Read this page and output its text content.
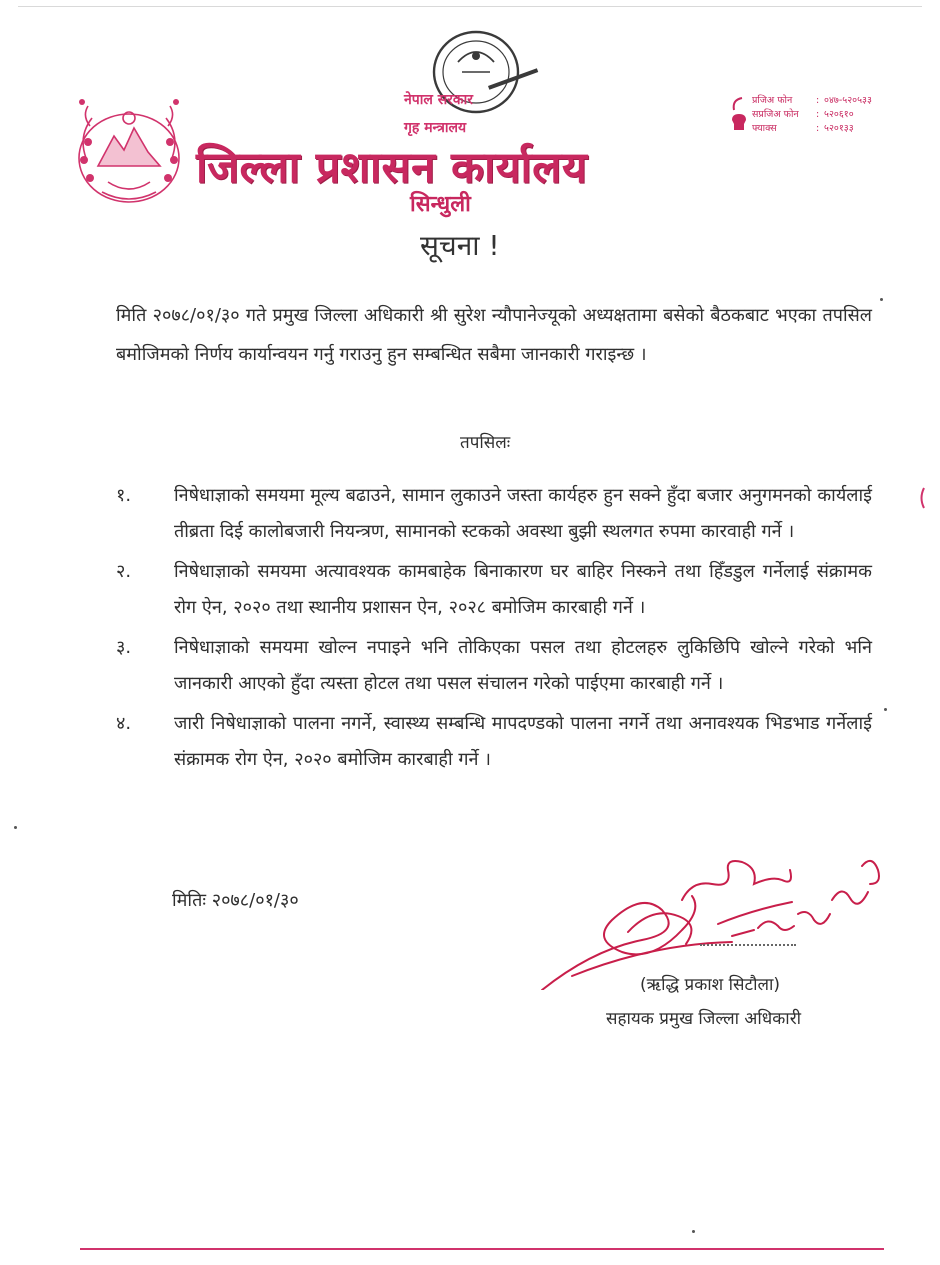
नेपाल सरकार
गृह मन्त्रालय
जिल्ला प्रशासन कार्यालय
सिन्धुली
प्रजिअ फोन	: ०४७-५२०५३३
सप्रजिअ फोन	: ५२०६१०
फ्याक्स	: ५२०१३३
सूचना !
मिति २०७८/०१/३० गते प्रमुख जिल्ला अधिकारी श्री सुरेश न्यौपानेज्यूको अध्यक्षतामा बसेको बैठकबाट भएका तपसिल बमोजिमको निर्णय कार्यान्वयन गर्नु गराउनु हुन सम्बन्धित सबैमा जानकारी गराइन्छ ।
तपसिलः
१.	निषेधाज्ञाको समयमा मूल्य बढाउने, सामान लुकाउने जस्ता कार्यहरु हुन सक्ने हुँदा बजार अनुगमनको कार्यलाई तीब्रता दिई कालोबजारी नियन्त्रण, सामानको स्टकको अवस्था बुझी स्थलगत रुपमा कारवाही गर्ने ।
२.	निषेधाज्ञाको समयमा अत्यावश्यक कामबाहेक बिनाकारण घर बाहिर निस्कने तथा हिँडडुल गर्नेलाई संक्रामक रोग ऐन, २०२० तथा स्थानीय प्रशासन ऐन, २०२८ बमोजिम कारबाही गर्ने ।
३.	निषेधाज्ञाको समयमा खोल्न नपाइने भनि तोकिएका पसल तथा होटलहरु लुकिछिपि खोल्ने गरेको भनि जानकारी आएको हुँदा त्यस्ता होटल तथा पसल संचालन गरेको पाईएमा कारबाही गर्ने ।
४.	जारी निषेधाज्ञाको पालना नगर्ने, स्वास्थ्य सम्बन्धि मापदण्डको पालना नगर्ने तथा अनावश्यक भिडभाड गर्नेलाई संक्रामक रोग ऐन, २०२० बमोजिम कारबाही गर्ने ।
मितिः २०७८/०१/३०
(ऋद्धि प्रकाश सिटौला)
सहायक प्रमुख जिल्ला अधिकारी
